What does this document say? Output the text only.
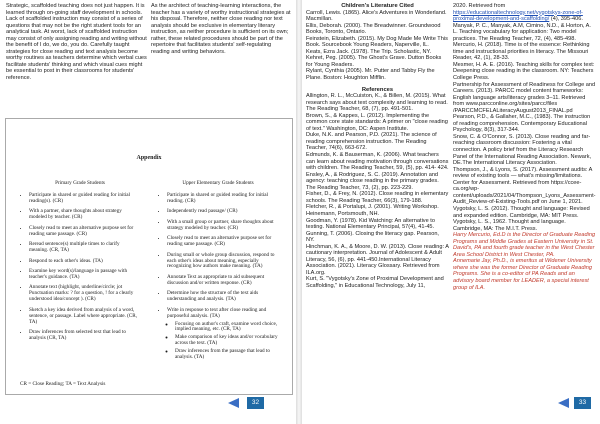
Strategic, scaffolded teaching does not just happen. It is learned through on-going staff development in schools. Lack of scaffolded instruction may consist of a series of questions that may not be the right student tools for an analytical task. At worst, lack of scaffolded instruction may consist of only assigning reading and writing without the benefit of I do, we do, you do. Carefully taught strategies for close reading and text analysis become worthy routines as teachers determine which verbal cues facilitate students' thinking and which visual cues might be essential to post in their classrooms for students' reference.

As the architect of teaching-learning interactions, the teacher has a variety of worthy instructional strategies at his disposal. Therefore, neither close reading nor text analysis should be exclusive in elementary literary instruction, as neither procedure is sufficient on its own; rather, these related procedures should be part of the repertoire that facilitates students' self-regulating reading and writing behaviors.

Appendix
Primary Grade Students
• Participate in shared or guided reading for initial reading(s). (CR)
• With a partner, share thoughts about strategy modeled by teacher. (CR)
• Closely read to meet an alternative purpose set for reading same passage. (CR)
• Reread sentence(s) multiple times to clarify meaning. (CR, TA)
• Respond to each other's ideas. (TA)
• Examine key word(s)/language in passage with teacher's guidance. (TA)
• Annotate text (highlight, underline/circle; jot Punctuation marks: ? for a question, ! for a clearly understood idea/concept ). (CR)
• Sketch a key idea derived from analysis of a word, sentence, or passage. Label where appropriate. (CR, TA)
• Draw inferences from selected text that lead to analysis (CR, TA)
Upper Elementary Grade Students
• Participate in shared or guided reading for initial reading. (CR)
• Independently read passage/ (CR)
• With a small group or partner, share thoughts about strategy modeled by teacher. (CR)
• Closely read to meet an alternative purpose set for reading same passage. (CR)
• During small or whole group discussion, respond to each other's ideas about meaning, especially recognizing how authors make meaning. (TA)
• Annotate Text as appropriate to aid subsequent discussion and/or written response. (CR)
• Determine how the structure of the text aids understanding and analysis. (TA)
• Write in response to text after close reading and purposeful analysis. (TA)
◦ Focusing on author's craft, examine word choice, implied meaning, etc. (CR, TA)
◦ Make comparison of key ideas and/or vocabulary across the text. (TA)
◦ Draw inferences from the passage that lead to analysis. (TA)
CR = Close Reading; TA = Text Analysis
32

Children's Literature Cited

Carroll, Lewis. (1865). Alice's Adventures in Wonderland. Macmillan.

Ellis, Deborah. (2000). The Breadwinner. Groundwood Books, Toronto, Ontario.

Feinstein, Elizabeth. (2015). My Dog Made Me Write This Book. Sourcebook Young Readers, Naperville, IL.

Keats, Ezra Jack. (1978). The Trip. Scholastic, NY.

Kehret, Peg. (2005). The Ghost's Grave. Dutton Books for Young Readers.

Rylant, Cynthia (2005). Mr. Putter and Tabby Fly the Plane. Boston: Houghton Mifflin.

References

Allington, R. L., McCuiston, K., & Billen, M. (2015). What research says about text complexity and learning to read. The Reading Teacher, 68, (7), pp. 491-501.

Brown, S., & Kappes, L. (2012). Implementing the common core state standards: A primer on "close reading of text." Washington, DC: Aspen Institute.

Duke, N.K. and Pearson, P.D. (2021). The science of reading comprehension instruction. The Reading Teacher, 74(6), 663-672.

Edmunds, K. & Bauserman, K. (2006). What teachers can learn about reading motivation through conversations with children. The Reading Teacher, 59, (5), pp. 414- 424.

Ensley, A., & Rodriguez, S. C. (2019). Annotation and agency: teaching close reading in the primary grades. The Reading Teacher, 73, (2), pp. 223-229.

Fisher, D., & Frey, N. (2012). Close reading in elementary schools. The Reading Teacher, 66(3), 179-188.

Fletcher, R., & Portalupi, J. (2001). Writing Workshop. Heinemann, Portsmouth, NH.

Goodman, Y. (1978). Kid Watching: An alternative to testing. National Elementary Principal, 57(4), 41-45.

Gunning, T. (2006). Closing the literacy gap. Pearson, NY.

Hinchman, K. A., & Moore, D. W. (2013). Close reading: A cautionary interpretation. Journal of Adolescent & Adult Literacy, 56, (6), pp. 441-450.International Literacy Association. (2021). Literacy Glossary. Retrieved from ILA.org.

Kurt, S. "Vygotsky's Zone of Proximal Development and Scaffolding," in Educational Technology, July 11,

2020. Retrieved from https://educationaltechnology.net/vygotskys-zone-of-proximal-development-and-scaffolding/ (4), 395-406.

Manyak, P. C., Manyak, A.M, Cimino, N.D., & Horton, A. L. Teaching vocabulary for application: Two model practices. The Reading Teacher, 72, (4), 485-498.

Mercurio, H. (2018). Time is of the essence: Rethinking time and instructional priorities in literacy. The Missouri Reader, 42, (1), 28-33.

Mesmer, H. A. E. (2016). Teaching skills for complex text: Deepening close reading in the classroom. NY: Teachers College Press.

Partnership for Assessment of Readiness for College and Careers. (2013). PARCC model content frameworks: English language arts/literacy grades 3–11. Retrieved from www.parcconline.org/sites/parcc/files /PARCCMCFELALiteracyAugust2013_FINAL.pd

Pearson, P.D., & Gallaher, M.C., (1983). The instruction of reading comprehension. Contemporary Educational Psychology, 8(3), 317-344.

Snow, C. & O'Connor, S. (2013). Close reading and far-reaching classroom discussion: Fostering a vital connection. A policy brief from the Literacy Research Panel of the International Reading Association. Newark, DE.The International Literacy Association.

Thompson, J., & Lyons, S. (2017). Assessment audits: A review of existing tools — what's missing/limitations. Center for Assessment. Retrieved from https://ccee-ca.org/wp-content/uploads/2021/04/Thompson_Lyons_Assessment-Audit_Review-of-Existing-Tools.pdf on June 1, 2021.

Vygotsky, L. S. (2012). Thought and language: Revised and expanded edition. Cambridge, MA: MIT Press.

Vygotsky, L. S., 1962. Thought and language. Cambridge, MA: The M.I.T. Press.

Harry Mercurio, Ed.D is the Director of Graduate Reading Programs and Middle Grades at Eastern University in St. David's, PA and fourth grade teacher in the West Chester Area School District in West Chester, PA.

Annemarie Jay, Ph.D., is emeritus at Widener University where she was the former Director of Graduate Reading Programs. She is a co-editor of PA Reads and an advisory board member for LEADER, a special interest group of ILA.

33
